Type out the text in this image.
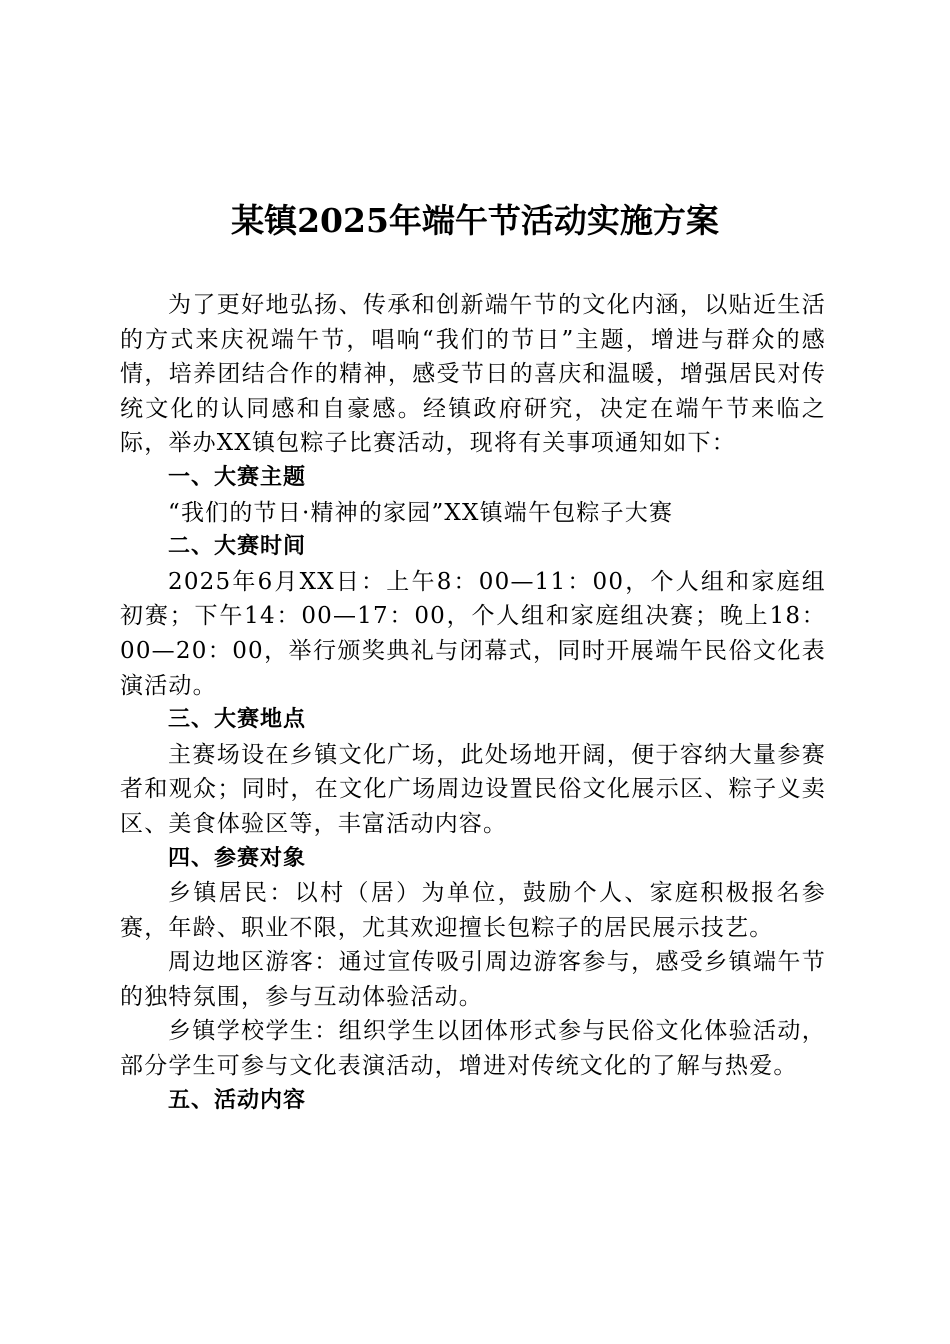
某镇2025年端午节活动实施方案

为了更好地弘扬、传承和创新端午节的文化内涵，以贴近生活的方式来庆祝端午节，唱响“我们的节日”主题，增进与群众的感情，培养团结合作的精神，感受节日的喜庆和温暖，增强居民对传统文化的认同感和自豪感。经镇政府研究，决定在端午节来临之际，举办XX镇包粽子比赛活动，现将有关事项通知如下：

一、大赛主题

“我们的节日·精神的家园”XX镇端午包粽子大赛

二、大赛时间

2025年6月XX日：上午8：00—11：00，个人组和家庭组初赛；下午14：00—17：00，个人组和家庭组决赛；晚上18：00—20：00，举行颁奖典礼与闭幕式，同时开展端午民俗文化表演活动。

三、大赛地点

主赛场设在乡镇文化广场，此处场地开阔，便于容纳大量参赛者和观众；同时，在文化广场周边设置民俗文化展示区、粽子义卖区、美食体验区等，丰富活动内容。

四、参赛对象

乡镇居民：以村（居）为单位，鼓励个人、家庭积极报名参赛，年龄、职业不限，尤其欢迎擅长包粽子的居民展示技艺。

周边地区游客：通过宣传吸引周边游客参与，感受乡镇端午节的独特氛围，参与互动体验活动。

乡镇学校学生：组织学生以团体形式参与民俗文化体验活动，部分学生可参与文化表演活动，增进对传统文化的了解与热爱。

五、活动内容
